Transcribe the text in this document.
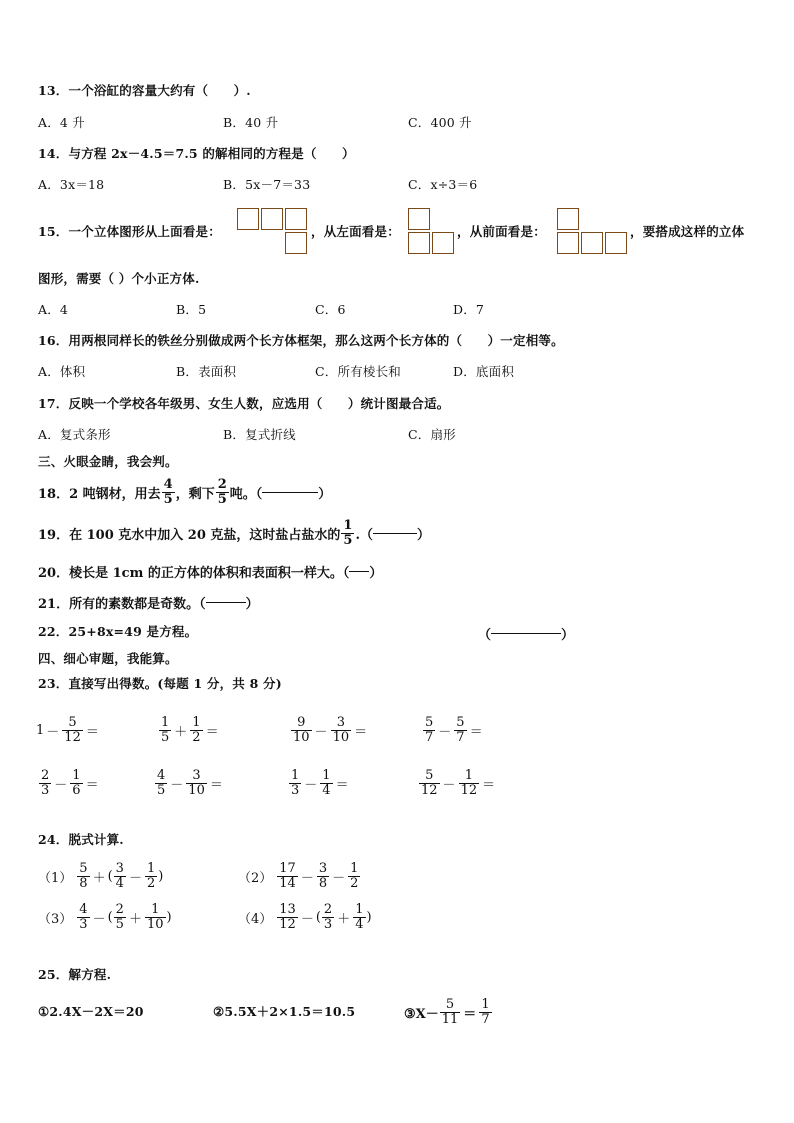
13．一个浴缸的容量大约有（　　）.
A．4 升	B．40 升	C．400 升
14．与方程 2x－4.5＝7.5 的解相同的方程是（　　）
A．3x＝18	B．5x－7＝33	C．x÷3＝6
15．一个立体图形从上面看是：	，从左面看是：	，从前面看是：	，要搭成这样的立体
图形，需要（ ）个小正方体.
A．4	B．5	C．6	D．7
16．用两根同样长的铁丝分别做成两个长方体框架，那么这两个长方体的（　　）一定相等。
A．体积	B．表面积	C．所有棱长和	D．底面积
17．反映一个学校各年级男、女生人数，应选用（　　）统计图最合适。
A．复式条形	B．复式折线	C．扇形
三、火眼金睛，我会判。
18．2 吨钢材，用去 $\frac{4}{5}$ ，剩下 $\frac{2}{5}$ 吨。（	）
19．在 100 克水中加入 20 克盐，这时盐占盐水的 $\frac{1}{5}$ .（	）
20．棱长是 1cm 的正方体的体积和表面积一样大。（ ）
21．所有的素数都是奇数。（	）
22．25+8x=49 是方程。	（	）
四、细心审题，我能算。
23．直接写出得数。(每题 1 分，共 8 分)
$1 - \frac{5}{12}$ ＝	$\frac{1}{5} + \frac{1}{2}$ ＝	$\frac{9}{10} - \frac{3}{10}$ ＝	$\frac{5}{7} - \frac{5}{7}$ ＝
$\frac{2}{3} - \frac{1}{6}$ ＝	$\frac{4}{5} - \frac{3}{10}$ ＝	$\frac{1}{3} - \frac{1}{4}$ ＝	$\frac{5}{12} - \frac{1}{12}$ ＝
24．脱式计算.
$(1) \frac{5}{8}$ ＋ ( $\frac{3}{4} - \frac{1}{2}$ )	$(2) \frac{17}{14} - \frac{3}{8} - \frac{1}{2}$
$(3) \frac{4}{3}$ － ( $\frac{2}{5} + \frac{1}{10}$ )	$(4) \frac{13}{12}$ － ( $\frac{2}{3} + \frac{1}{4}$ )
25．解方程.
①2.4X－2X＝20	②5.5X＋2×1.5＝10.5	③X－ $\frac{5}{11} = \frac{1}{7}$
